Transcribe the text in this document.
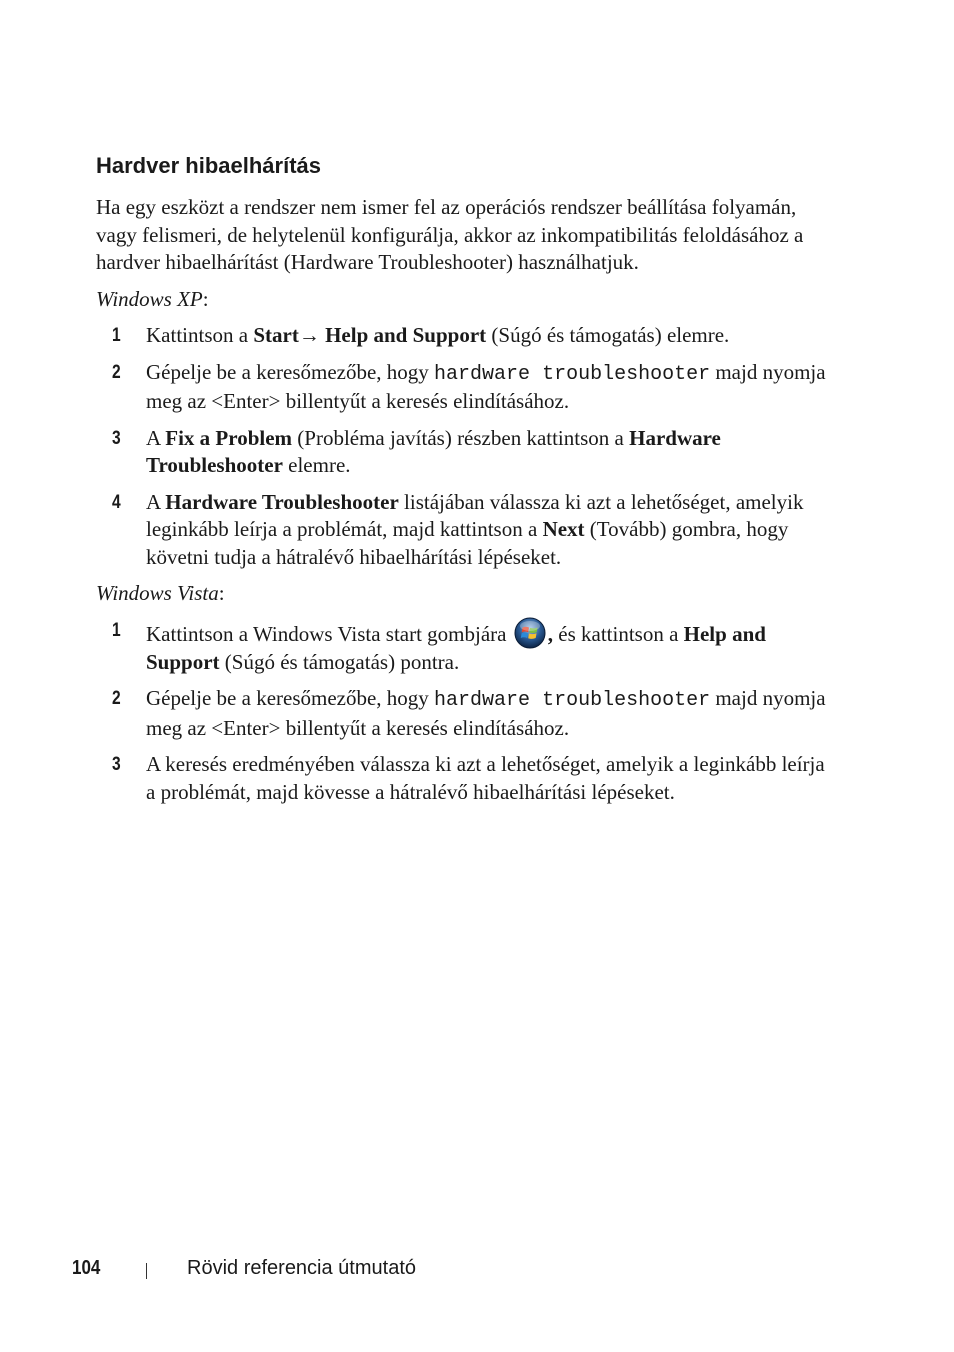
Hardver hibaelhárítás

Ha egy eszközt a rendszer nem ismer fel az operációs rendszer beállítása folyamán, vagy felismeri, de helytelenül konfigurálja, akkor az inkompatibilitás feloldásához a hardver hibaelhárítást (Hardware Troubleshooter) használhatjuk.

Windows XP:

1 Kattintson a Start→ Help and Support (Súgó és támogatás) elemre.
2 Gépelje be a keresőmezőbe, hogy hardware troubleshooter majd nyomja meg az <Enter> billentyűt a keresés elindításához.
3 A Fix a Problem (Probléma javítás) részben kattintson a Hardware Troubleshooter elemre.
4 A Hardware Troubleshooter listájában válassza ki azt a lehetőséget, amelyik leginkább leírja a problémát, majd kattintson a Next (Tovább) gombra, hogy követni tudja a hátralévő hibaelhárítási lépéseket.

Windows Vista:

1 Kattintson a Windows Vista start gombjára , és kattintson a Help and Support (Súgó és támogatás) pontra.
2 Gépelje be a keresőmezőbe, hogy hardware troubleshooter majd nyomja meg az <Enter> billentyűt a keresés elindításához.
3 A keresés eredményében válassza ki azt a lehetőséget, amelyik a leginkább leírja a problémát, majd kövesse a hátralévő hibaelhárítási lépéseket.
104	Rövid referencia útmutató
